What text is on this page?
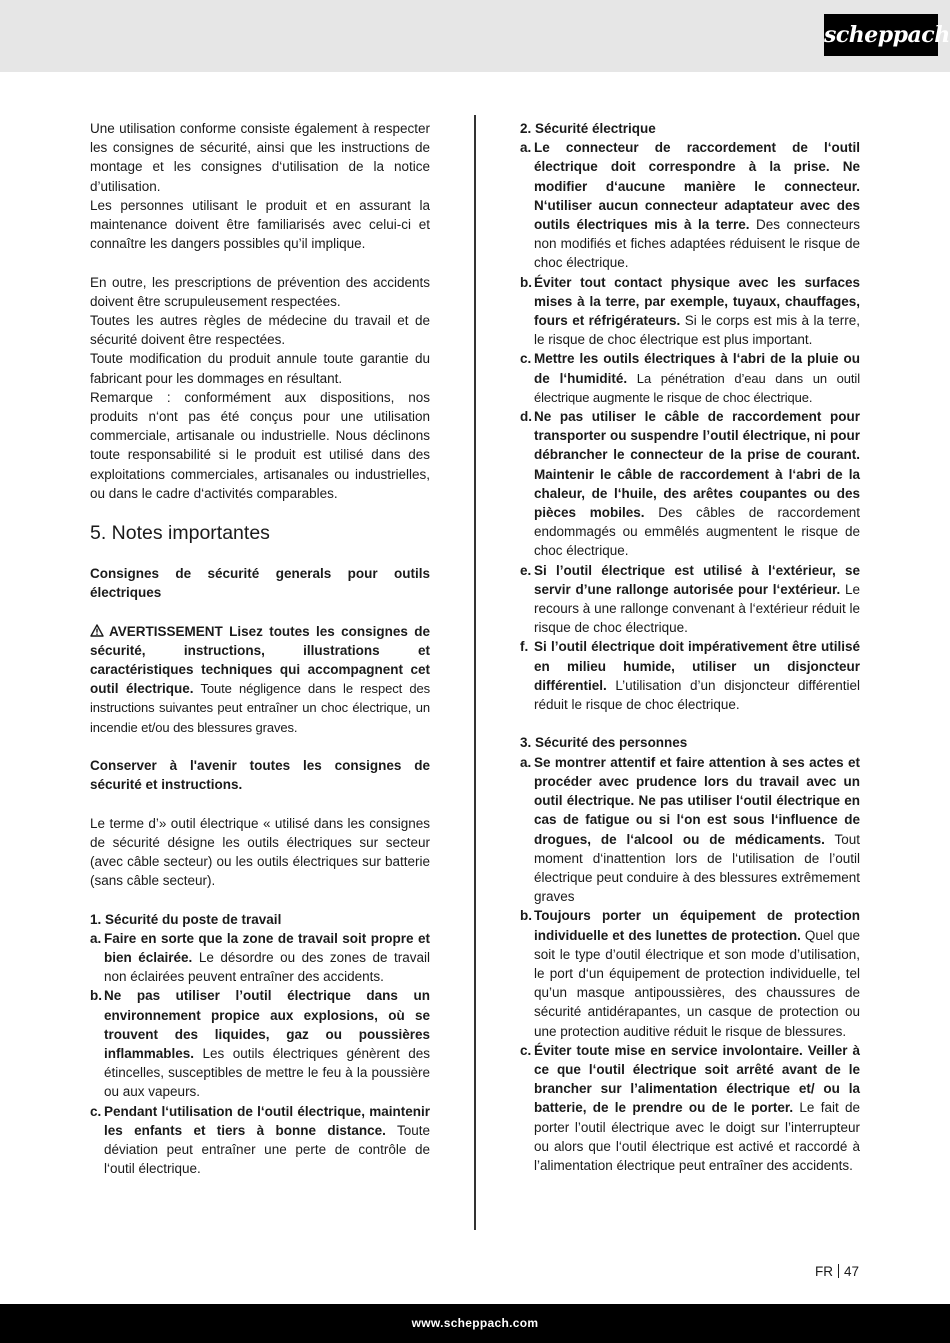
scheppach

Une utilisation conforme consiste également à respecter les consignes de sécurité, ainsi que les instructions de montage et les consignes d‘utilisation de la notice d’utilisation.

Les personnes utilisant le produit et en assurant la maintenance doivent être familiarisés avec celui-ci et connaître les dangers possibles qu’il implique.

En outre, les prescriptions de prévention des accidents doivent être scrupuleusement respectées.

Toutes les autres règles de médecine du travail et de sécurité doivent être respectées.

Toute modification du produit annule toute garantie du fabricant pour les dommages en résultant.

Remarque : conformément aux dispositions, nos produits n‘ont pas été conçus pour une utilisation commerciale, artisanale ou industrielle. Nous déclinons toute responsabilité si le produit est utilisé dans des exploitations commerciales, artisanales ou industrielles, ou dans le cadre d‘activités comparables.

5. Notes importantes

Consignes de sécurité generals pour outils électriques

AVERTISSEMENT Lisez toutes les consignes de sécurité, instructions, illustrations et caractéristiques techniques qui accompagnent cet outil électrique. Toute négligence dans le respect des instructions suivantes peut entraîner un choc électrique, un incendie et/ou des blessures graves.

Conserver à l'avenir toutes les consignes de sécurité et instructions.

Le terme d’» outil électrique « utilisé dans les consignes de sécurité désigne les outils électriques sur secteur (avec câble secteur) ou les outils électriques sur batterie (sans câble secteur).

1. Sécurité du poste de travail

a. Faire en sorte que la zone de travail soit propre et bien éclairée. Le désordre ou des zones de travail non éclairées peuvent entraîner des accidents.
b. Ne pas utiliser l’outil électrique dans un environnement propice aux explosions, où se trouvent des liquides, gaz ou poussières inflammables. Les outils électriques génèrent des étincelles, susceptibles de mettre le feu à la poussière ou aux vapeurs.
c. Pendant l‘utilisation de l‘outil électrique, maintenir les enfants et tiers à bonne distance. Toute déviation peut entraîner une perte de contrôle de l‘outil électrique.

2. Sécurité électrique

a. Le connecteur de raccordement de l‘outil électrique doit correspondre à la prise. Ne modifier d‘aucune manière le connecteur. N‘utiliser aucun connecteur adaptateur avec des outils électriques mis à la terre. Des connecteurs non modifiés et fiches adaptées réduisent le risque de choc électrique.
b. Éviter tout contact physique avec les surfaces mises à la terre, par exemple, tuyaux, chauffages, fours et réfrigérateurs. Si le corps est mis à la terre, le risque de choc électrique est plus important.
c. Mettre les outils électriques à l‘abri de la pluie ou de l‘humidité. La pénétration d’eau dans un outil électrique augmente le risque de choc électrique.
d. Ne pas utiliser le câble de raccordement pour transporter ou suspendre l’outil électrique, ni pour débrancher le connecteur de la prise de courant. Maintenir le câble de raccordement à l‘abri de la chaleur, de l‘huile, des arêtes coupantes ou des pièces mobiles. Des câbles de raccordement endommagés ou emmêlés augmentent le risque de choc électrique.
e. Si l’outil électrique est utilisé à l‘extérieur, se servir d’une rallonge autorisée pour l‘extérieur. Le recours à une rallonge convenant à l‘extérieur réduit le risque de choc électrique.
f. Si l’outil électrique doit impérativement être utilisé en milieu humide, utiliser un disjoncteur différentiel. L’utilisation d’un disjoncteur différentiel réduit le risque de choc électrique.

3. Sécurité des personnes

a. Se montrer attentif et faire attention à ses actes et procéder avec prudence lors du travail avec un outil électrique. Ne pas utiliser l‘outil électrique en cas de fatigue ou si l‘on est sous l‘influence de drogues, de l‘alcool ou de médicaments. Tout moment d‘inattention lors de l‘utilisation de l’outil électrique peut conduire à des blessures extrêmement graves
b. Toujours porter un équipement de protection individuelle et des lunettes de protection. Quel que soit le type d’outil électrique et son mode d’utilisation, le port d‘un équipement de protection individuelle, tel qu’un masque antipoussières, des chaussures de sécurité antidérapantes, un casque de protection ou une protection auditive réduit le risque de blessures.
c. Éviter toute mise en service involontaire. Veiller à ce que l‘outil électrique soit arrêté avant de le brancher sur l’alimentation électrique et/ ou la batterie, de le prendre ou de le porter. Le fait de porter l’outil électrique avec le doigt sur l’interrupteur ou alors que l‘outil électrique est activé et raccordé à l’alimentation électrique peut entraîner des accidents.
FR 47
www.scheppach.com
